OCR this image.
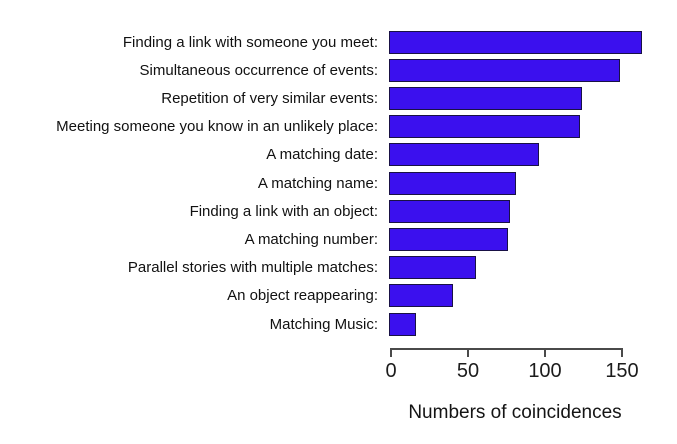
Finding a link with someone you meet:
Simultaneous occurrence of events:
Repetition of very similar events:
Meeting someone you know in an unlikely place:
A matching date:
A matching name:
Finding a link with an object:
A matching number:
Parallel stories with multiple matches:
An object reappearing:
Matching Music:
0	50	100	150
Numbers of coincidences
